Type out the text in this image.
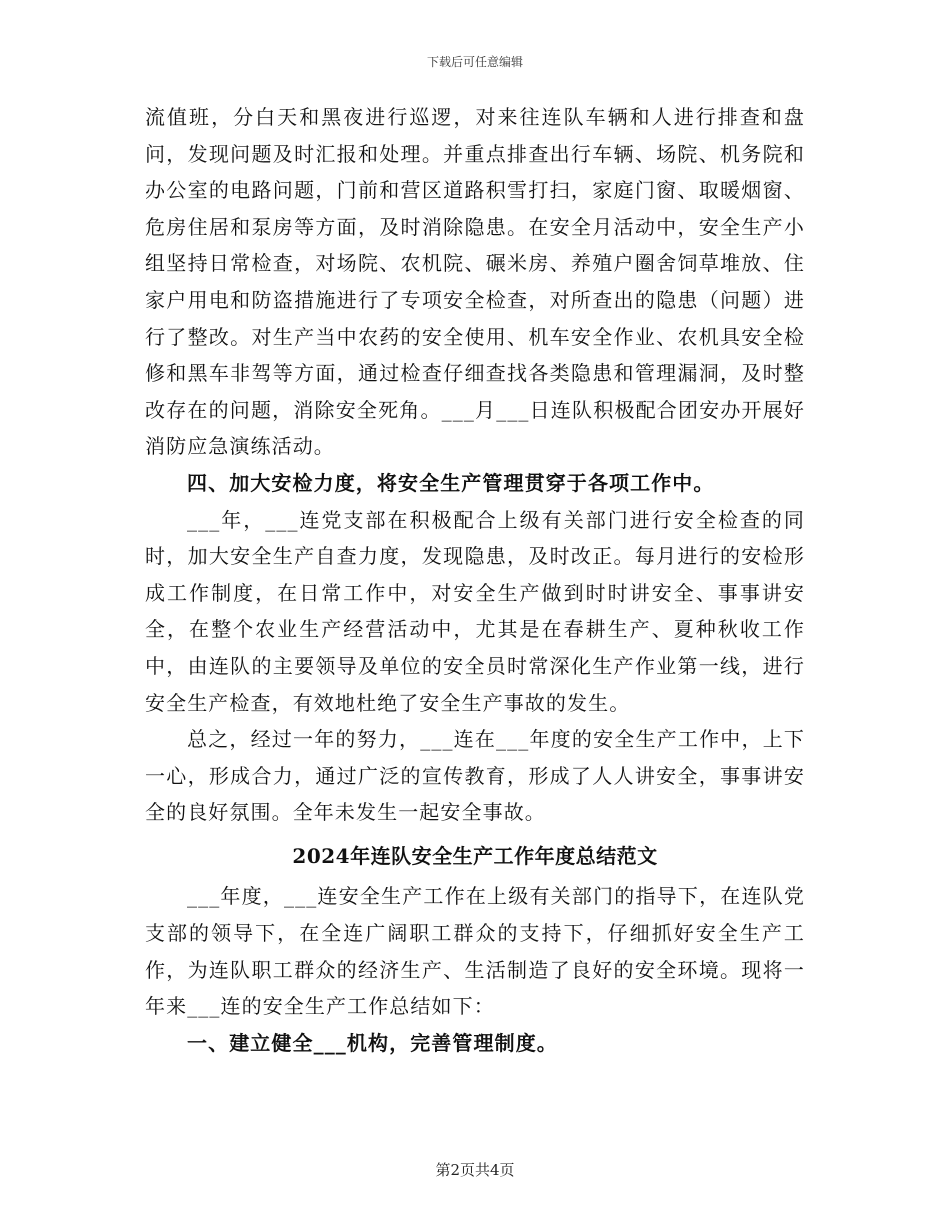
下载后可任意编辑

流值班，分白天和黑夜进行巡逻，对来往连队车辆和人进行排查和盘问，发现问题及时汇报和处理。并重点排查出行车辆、场院、机务院和办公室的电路问题，门前和营区道路积雪打扫，家庭门窗、取暖烟窗、危房住居和泵房等方面，及时消除隐患。在安全月活动中，安全生产小组坚持日常检查，对场院、农机院、碾米房、养殖户圈舍饲草堆放、住家户用电和防盗措施进行了专项安全检查，对所查出的隐患（问题）进行了整改。对生产当中农药的安全使用、机车安全作业、农机具安全检修和黑车非驾等方面，通过检查仔细查找各类隐患和管理漏洞，及时整改存在的问题，消除安全死角。___月___日连队积极配合团安办开展好消防应急演练活动。

四、加大安检力度，将安全生产管理贯穿于各项工作中。

___年，___连党支部在积极配合上级有关部门进行安全检查的同时，加大安全生产自查力度，发现隐患，及时改正。每月进行的安检形成工作制度，在日常工作中，对安全生产做到时时讲安全、事事讲安全，在整个农业生产经营活动中，尤其是在春耕生产、夏种秋收工作中，由连队的主要领导及单位的安全员时常深化生产作业第一线，进行安全生产检查，有效地杜绝了安全生产事故的发生。

总之，经过一年的努力，___连在___年度的安全生产工作中，上下一心，形成合力，通过广泛的宣传教育，形成了人人讲安全，事事讲安全的良好氛围。全年未发生一起安全事故。

2024年连队安全生产工作年度总结范文

___年度，___连安全生产工作在上级有关部门的指导下，在连队党支部的领导下，在全连广阔职工群众的支持下，仔细抓好安全生产工作，为连队职工群众的经济生产、生活制造了良好的安全环境。现将一年来___连的安全生产工作总结如下：

一、建立健全___机构，完善管理制度。

第2页共4页
